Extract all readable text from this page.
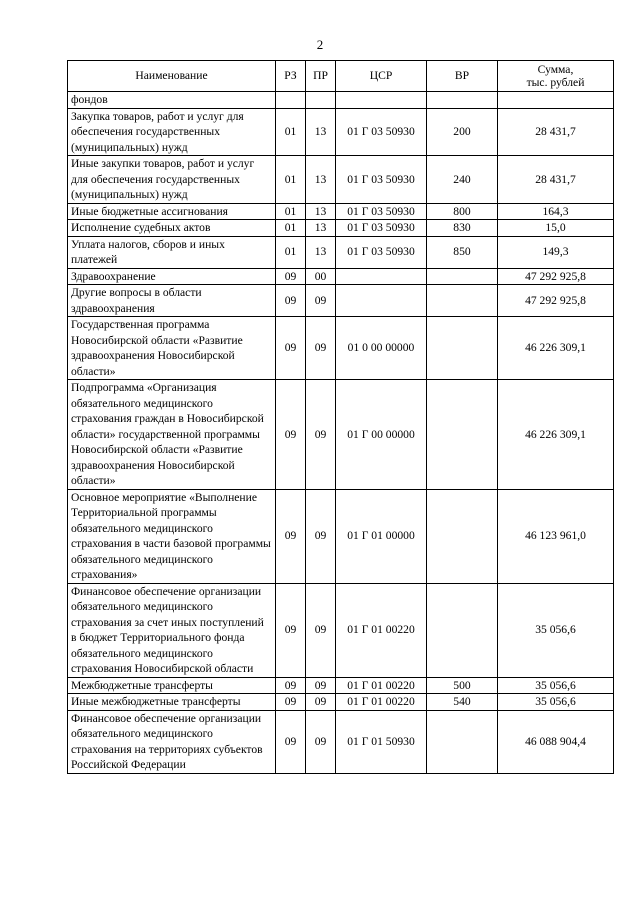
2
Наименование	РЗ	ПР	ЦСР	ВР	Сумма,
тыс. рублей
фондов					
Закупка товаров, работ и услуг для обеспечения государственных (муниципальных) нужд	01	13	01 Г 03 50930	200	28 431,7
Иные закупки товаров, работ и услуг для обеспечения государственных (муниципальных) нужд	01	13	01 Г 03 50930	240	28 431,7
Иные бюджетные ассигнования	01	13	01 Г 03 50930	800	164,3
Исполнение судебных актов	01	13	01 Г 03 50930	830	15,0
Уплата налогов, сборов и иных платежей	01	13	01 Г 03 50930	850	149,3
Здравоохранение	09	00			47 292 925,8
Другие вопросы в области здравоохранения	09	09			47 292 925,8
Государственная программа Новосибирской области «Развитие здравоохранения Новосибирской области»	09	09	01 0 00 00000		46 226 309,1
Подпрограмма «Организация обязательного медицинского страхования граждан в Новосибирской области» государственной программы Новосибирской области «Развитие здравоохранения Новосибирской области»	09	09	01 Г 00 00000		46 226 309,1
Основное мероприятие «Выполнение Территориальной программы обязательного медицинского страхования в части базовой программы обязательного медицинского страхования»	09	09	01 Г 01 00000		46 123 961,0
Финансовое обеспечение организации обязательного медицинского страхования за счет иных поступлений в бюджет Территориального фонда обязательного медицинского страхования Новосибирской области	09	09	01 Г 01 00220		35 056,6
Межбюджетные трансферты	09	09	01 Г 01 00220	500	35 056,6
Иные межбюджетные трансферты	09	09	01 Г 01 00220	540	35 056,6
Финансовое обеспечение организации обязательного медицинского страхования на территориях субъектов Российской Федерации	09	09	01 Г 01 50930		46 088 904,4
